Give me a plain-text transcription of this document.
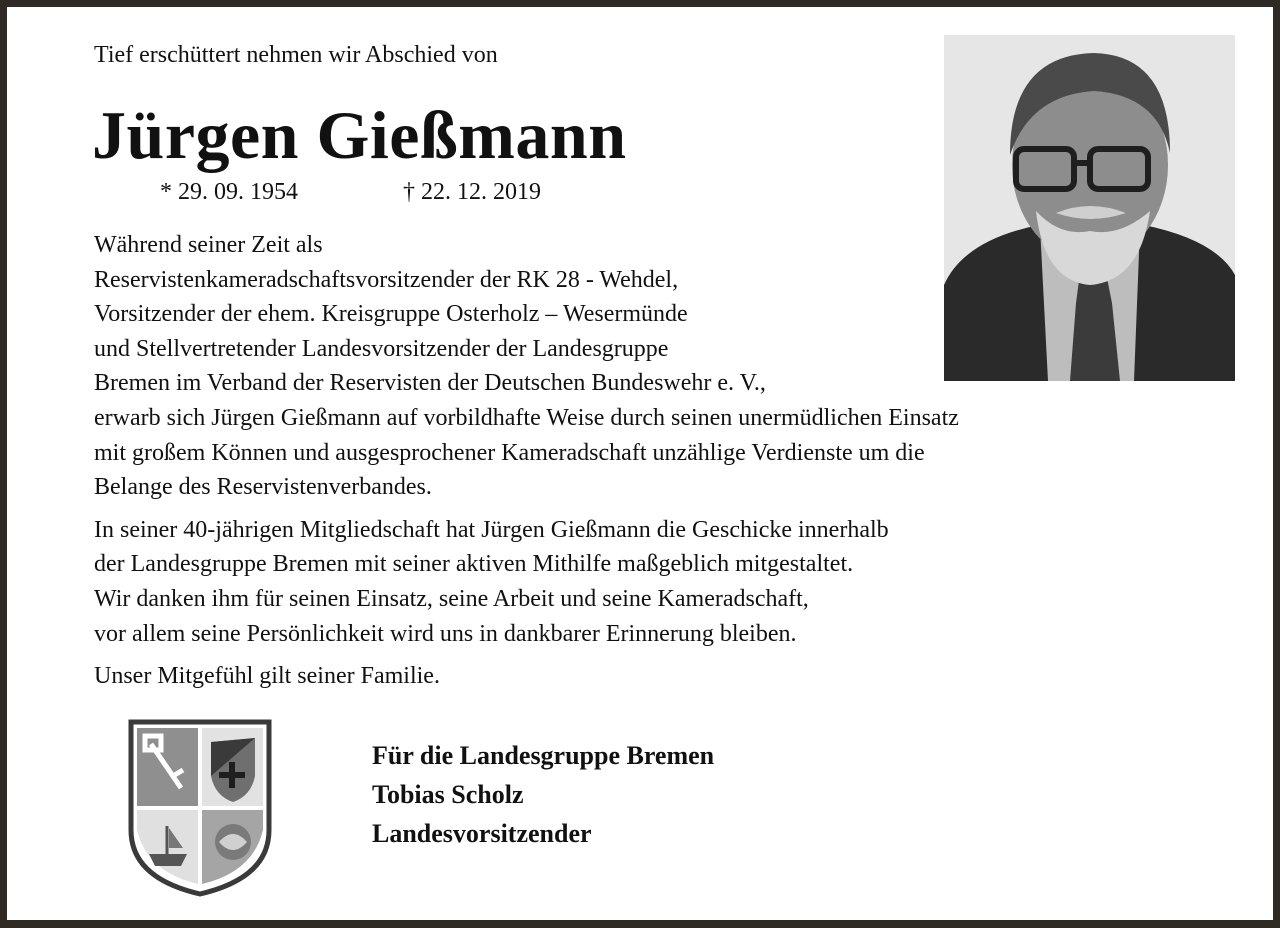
Tief erschüttert nehmen wir Abschied von
Jürgen Gießmann
* 29. 09. 1954	† 22. 12. 2019
Während seiner Zeit als
Reservistenkameradschaftsvorsitzender der RK 28 - Wehdel,
Vorsitzender der ehem. Kreisgruppe Osterholz – Wesermünde
und Stellvertretender Landesvorsitzender der Landesgruppe
Bremen im Verband der Reservisten der Deutschen Bundeswehr e. V.,
erwarb sich Jürgen Gießmann auf vorbildhafte Weise durch seinen unermüdlichen Einsatz
mit großem Können und ausgesprochener Kameradschaft unzählige Verdienste um die
Belange des Reservistenverbandes.
In seiner 40-jährigen Mitgliedschaft hat Jürgen Gießmann die Geschicke innerhalb
der Landesgruppe Bremen mit seiner aktiven Mithilfe maßgeblich mitgestaltet.
Wir danken ihm für seinen Einsatz, seine Arbeit und seine Kameradschaft,
vor allem seine Persönlichkeit wird uns in dankbarer Erinnerung bleiben.
Unser Mitgefühl gilt seiner Familie.
Für die Landesgruppe Bremen
Tobias Scholz
Landesvorsitzender
